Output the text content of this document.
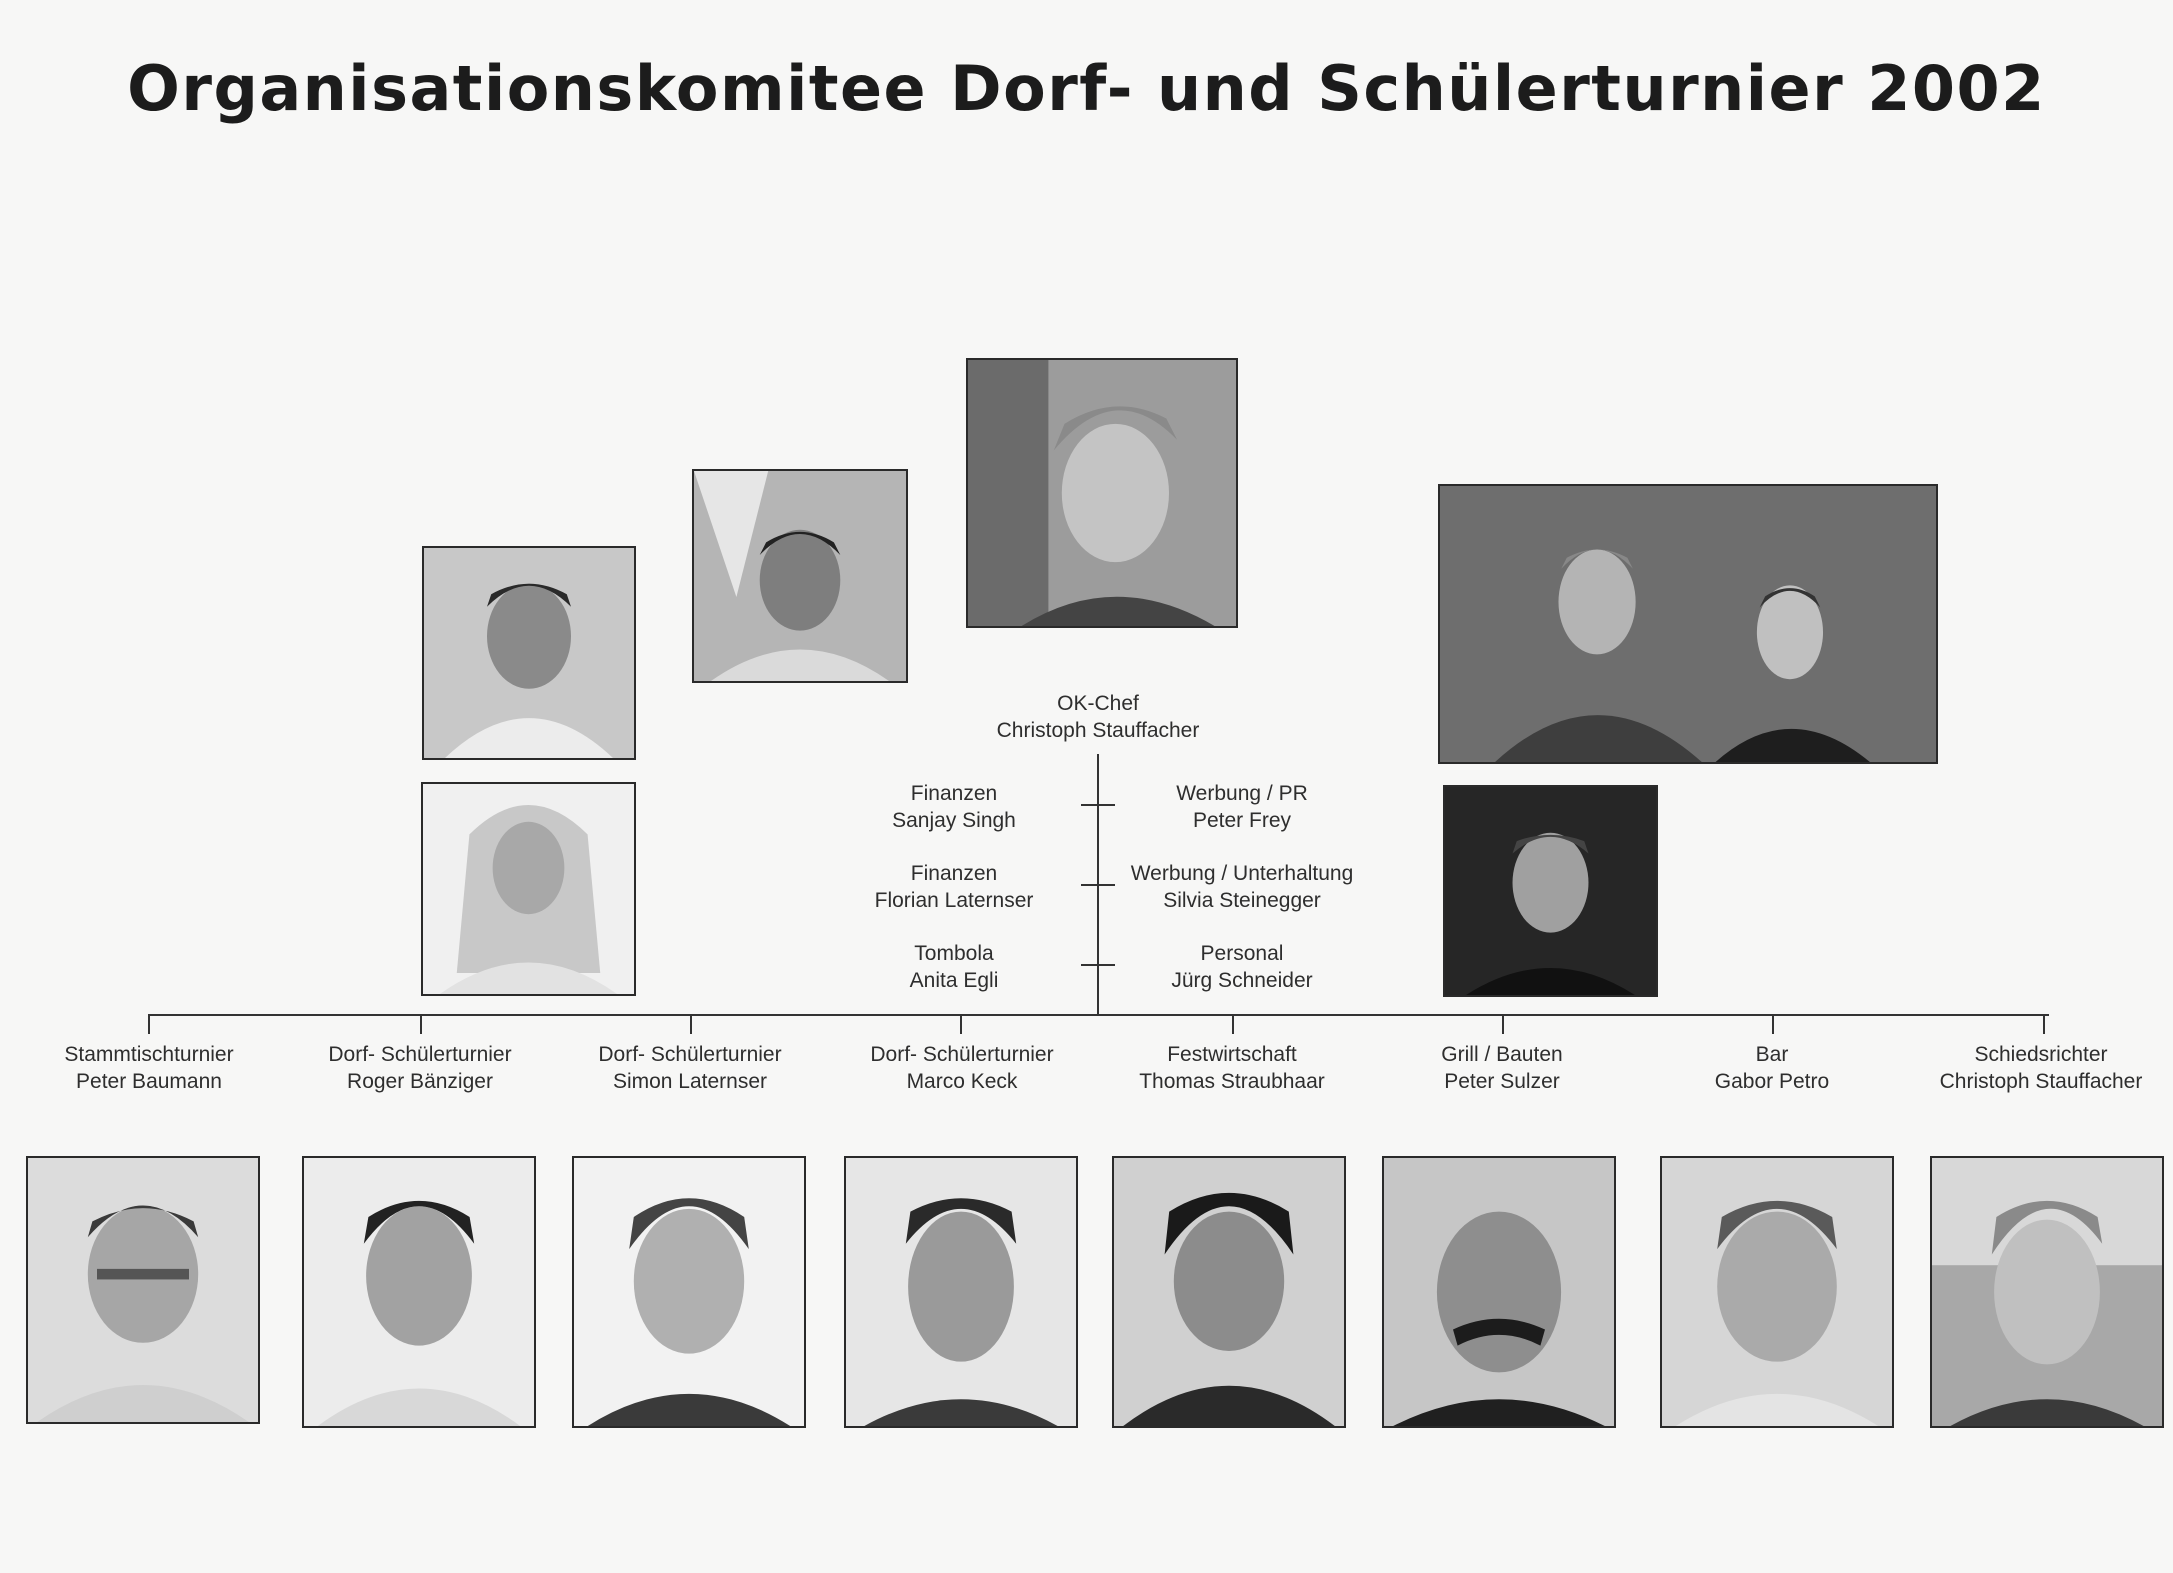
Organisationskomitee Dorf- und Schülerturnier 2002
OK-Chef
Christoph Stauffacher
Finanzen
Sanjay Singh
Finanzen
Florian Laternser
Tombola
Anita Egli
Werbung / PR
Peter Frey
Werbung / Unterhaltung
Silvia Steinegger
Personal
Jürg Schneider
Stammtischturnier
Peter Baumann
Dorf- Schülerturnier
Roger Bänziger
Dorf- Schülerturnier
Simon Laternser
Dorf- Schülerturnier
Marco Keck
Festwirtschaft
Thomas Straubhaar
Grill / Bauten
Peter Sulzer
Bar
Gabor Petro
Schiedsrichter
Christoph Stauffacher
